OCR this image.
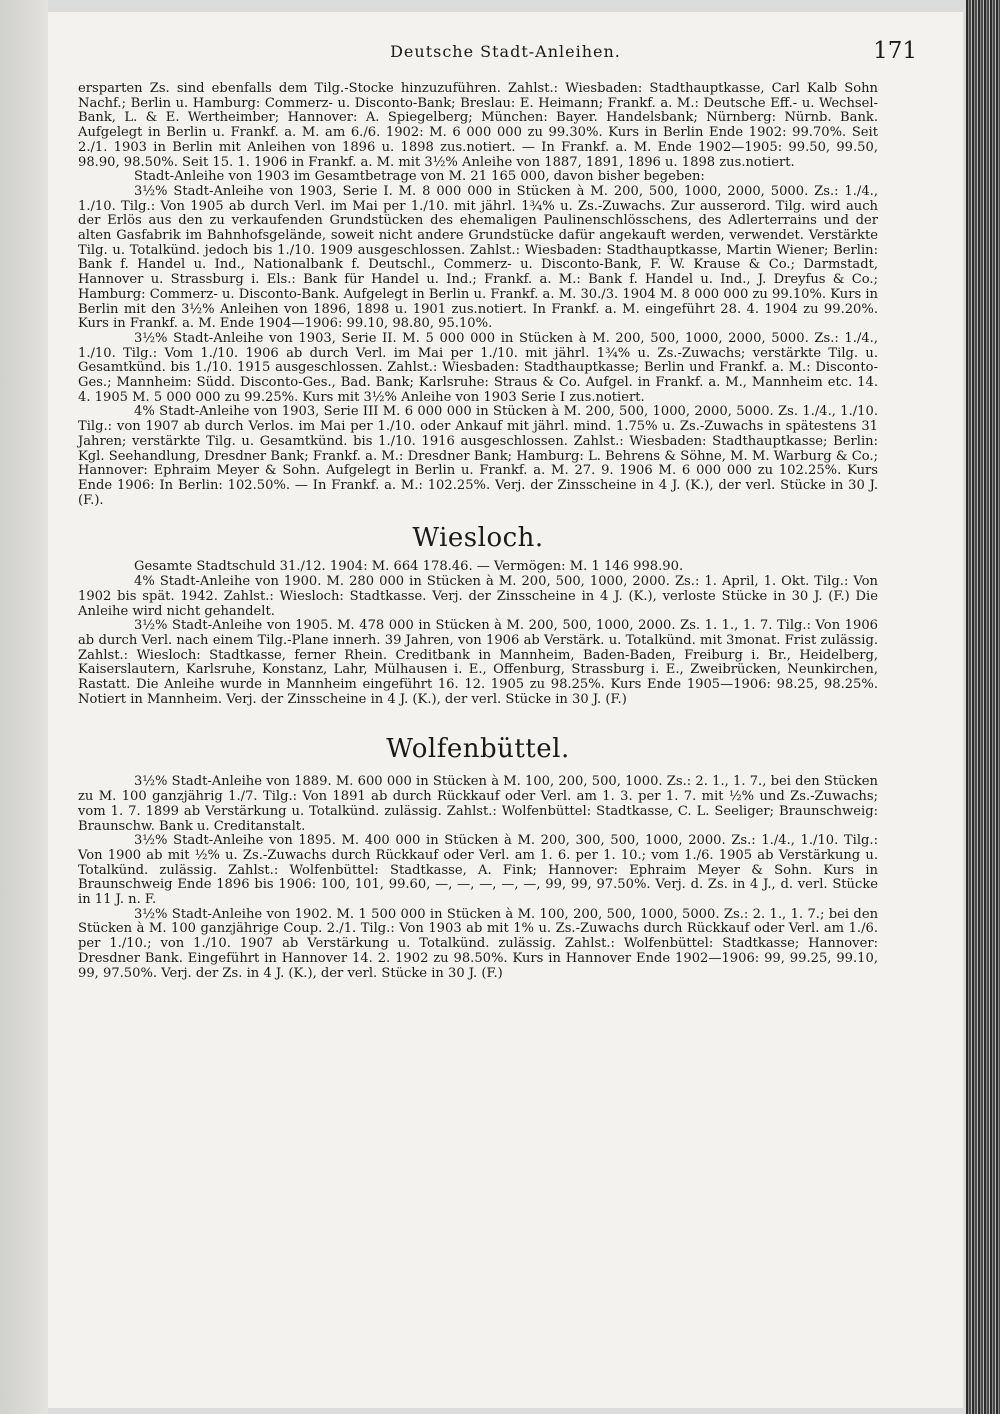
Deutsche Stadt-Anleihen.	171

ersparten Zs. sind ebenfalls dem Tilg.-Stocke hinzuzuführen. Zahlst.: Wiesbaden: Stadthauptkasse, Carl Kalb Sohn Nachf.; Berlin u. Hamburg: Commerz- u. Disconto-Bank; Breslau: E. Heimann; Frankf. a. M.: Deutsche Eff.- u. Wechsel-Bank, L. & E. Wertheimber; Hannover: A. Spiegelberg; München: Bayer. Handelsbank; Nürnberg: Nürnb. Bank. Aufgelegt in Berlin u. Frankf. a. M. am 6./6. 1902: M. 6 000 000 zu 99.30%. Kurs in Berlin Ende 1902: 99.70%. Seit 2./1. 1903 in Berlin mit Anleihen von 1896 u. 1898 zus.notiert. — In Frankf. a. M. Ende 1902—1905: 99.50, 99.50, 98.90, 98.50%. Seit 15. 1. 1906 in Frankf. a. M. mit 3½% Anleihe von 1887, 1891, 1896 u. 1898 zus.notiert.

Stadt-Anleihe von 1903 im Gesamtbetrage von M. 21 165 000, davon bisher begeben:

3½% Stadt-Anleihe von 1903, Serie I. M. 8 000 000 in Stücken à M. 200, 500, 1000, 2000, 5000. Zs.: 1./4., 1./10. Tilg.: Von 1905 ab durch Verl. im Mai per 1./10. mit jährl. 1¾% u. Zs.-Zuwachs. Zur ausserord. Tilg. wird auch der Erlös aus den zu verkaufenden Grundstücken des ehemaligen Paulinenschlösschens, des Adlerterrains und der alten Gasfabrik im Bahnhofsgelände, soweit nicht andere Grundstücke dafür angekauft werden, verwendet. Verstärkte Tilg. u. Totalkünd. jedoch bis 1./10. 1909 ausgeschlossen. Zahlst.: Wiesbaden: Stadthauptkasse, Martin Wiener; Berlin: Bank f. Handel u. Ind., Nationalbank f. Deutschl., Commerz- u. Disconto-Bank, F. W. Krause & Co.; Darmstadt, Hannover u. Strassburg i. Els.: Bank für Handel u. Ind.; Frankf. a. M.: Bank f. Handel u. Ind., J. Dreyfus & Co.; Hamburg: Commerz- u. Disconto-Bank. Aufgelegt in Berlin u. Frankf. a. M. 30./3. 1904 M. 8 000 000 zu 99.10%. Kurs in Berlin mit den 3½% Anleihen von 1896, 1898 u. 1901 zus.notiert. In Frankf. a. M. eingeführt 28. 4. 1904 zu 99.20%. Kurs in Frankf. a. M. Ende 1904—1906: 99.10, 98.80, 95.10%.

3½% Stadt-Anleihe von 1903, Serie II. M. 5 000 000 in Stücken à M. 200, 500, 1000, 2000, 5000. Zs.: 1./4., 1./10. Tilg.: Vom 1./10. 1906 ab durch Verl. im Mai per 1./10. mit jährl. 1¾% u. Zs.-Zuwachs; verstärkte Tilg. u. Gesamtkünd. bis 1./10. 1915 ausgeschlossen. Zahlst.: Wiesbaden: Stadthauptkasse; Berlin und Frankf. a. M.: Disconto-Ges.; Mannheim: Südd. Disconto-Ges., Bad. Bank; Karlsruhe: Straus & Co. Aufgel. in Frankf. a. M., Mannheim etc. 14. 4. 1905 M. 5 000 000 zu 99.25%. Kurs mit 3½% Anleihe von 1903 Serie I zus.notiert.

4% Stadt-Anleihe von 1903, Serie III M. 6 000 000 in Stücken à M. 200, 500, 1000, 2000, 5000. Zs. 1./4., 1./10. Tilg.: von 1907 ab durch Verlos. im Mai per 1./10. oder Ankauf mit jährl. mind. 1.75% u. Zs.-Zuwachs in spätestens 31 Jahren; verstärkte Tilg. u. Gesamtkünd. bis 1./10. 1916 ausgeschlossen. Zahlst.: Wiesbaden: Stadthauptkasse; Berlin: Kgl. Seehandlung, Dresdner Bank; Frankf. a. M.: Dresdner Bank; Hamburg: L. Behrens & Söhne, M. M. Warburg & Co.; Hannover: Ephraim Meyer & Sohn. Aufgelegt in Berlin u. Frankf. a. M. 27. 9. 1906 M. 6 000 000 zu 102.25%. Kurs Ende 1906: In Berlin: 102.50%. — In Frankf. a. M.: 102.25%. Verj. der Zinsscheine in 4 J. (K.), der verl. Stücke in 30 J. (F.).

Wiesloch.

Gesamte Stadtschuld 31./12. 1904: M. 664 178.46. — Vermögen: M. 1 146 998.90.

4% Stadt-Anleihe von 1900. M. 280 000 in Stücken à M. 200, 500, 1000, 2000. Zs.: 1. April, 1. Okt. Tilg.: Von 1902 bis spät. 1942. Zahlst.: Wiesloch: Stadtkasse. Verj. der Zinsscheine in 4 J. (K.), verloste Stücke in 30 J. (F.) Die Anleihe wird nicht gehandelt.

3½% Stadt-Anleihe von 1905. M. 478 000 in Stücken à M. 200, 500, 1000, 2000. Zs. 1. 1., 1. 7. Tilg.: Von 1906 ab durch Verl. nach einem Tilg.-Plane innerh. 39 Jahren, von 1906 ab Verstärk. u. Totalkünd. mit 3monat. Frist zulässig. Zahlst.: Wiesloch: Stadtkasse, ferner Rhein. Creditbank in Mannheim, Baden-Baden, Freiburg i. Br., Heidelberg, Kaiserslautern, Karlsruhe, Konstanz, Lahr, Mülhausen i. E., Offenburg, Strassburg i. E., Zweibrücken, Neunkirchen, Rastatt. Die Anleihe wurde in Mannheim eingeführt 16. 12. 1905 zu 98.25%. Kurs Ende 1905—1906: 98.25, 98.25%. Notiert in Mannheim. Verj. der Zinsscheine in 4 J. (K.), der verl. Stücke in 30 J. (F.)

Wolfenbüttel.

3½% Stadt-Anleihe von 1889. M. 600 000 in Stücken à M. 100, 200, 500, 1000. Zs.: 2. 1., 1. 7., bei den Stücken zu M. 100 ganzjährig 1./7. Tilg.: Von 1891 ab durch Rückkauf oder Verl. am 1. 3. per 1. 7. mit ½% und Zs.-Zuwachs; vom 1. 7. 1899 ab Verstärkung u. Totalkünd. zulässig. Zahlst.: Wolfenbüttel: Stadtkasse, C. L. Seeliger; Braunschweig: Braunschw. Bank u. Creditanstalt.

3½% Stadt-Anleihe von 1895. M. 400 000 in Stücken à M. 200, 300, 500, 1000, 2000. Zs.: 1./4., 1./10. Tilg.: Von 1900 ab mit ½% u. Zs.-Zuwachs durch Rückkauf oder Verl. am 1. 6. per 1. 10.; vom 1./6. 1905 ab Verstärkung u. Totalkünd. zulässig. Zahlst.: Wolfenbüttel: Stadtkasse, A. Fink; Hannover: Ephraim Meyer & Sohn. Kurs in Braunschweig Ende 1896 bis 1906: 100, 101, 99.60, —, —, —, —, —, 99, 99, 97.50%. Verj. d. Zs. in 4 J., d. verl. Stücke in 11 J. n. F.

3½% Stadt-Anleihe von 1902. M. 1 500 000 in Stücken à M. 100, 200, 500, 1000, 5000. Zs.: 2. 1., 1. 7.; bei den Stücken à M. 100 ganzjährige Coup. 2./1. Tilg.: Von 1903 ab mit 1% u. Zs.-Zuwachs durch Rückkauf oder Verl. am 1./6. per 1./10.; von 1./10. 1907 ab Verstärkung u. Totalkünd. zulässig. Zahlst.: Wolfenbüttel: Stadtkasse; Hannover: Dresdner Bank. Eingeführt in Hannover 14. 2. 1902 zu 98.50%. Kurs in Hannover Ende 1902—1906: 99, 99.25, 99.10, 99, 97.50%. Verj. der Zs. in 4 J. (K.), der verl. Stücke in 30 J. (F.)
